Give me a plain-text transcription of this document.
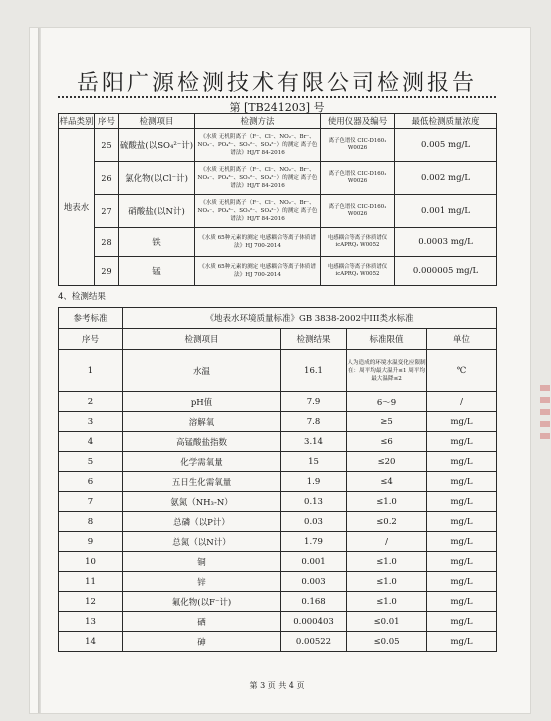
岳阳广源检测技术有限公司检测报告
第 [TB241203] 号
样品类别	序号	检测项目	检测方法	使用仪器及编号	最低检测质量浓度
地表水	25	硫酸盐(以SO₄²⁻计)	《水质 无机阴离子（F⁻、Cl⁻、NO₂⁻、Br⁻、NO₃⁻、PO₄³⁻、SO₃²⁻、SO₄²⁻）的测定 离子色谱法》HJ/T 84-2016	离子色谱仪 CIC-D160₁ W0026	0.005 mg/L
	26	氯化物(以Cl⁻计)	《水质 无机阴离子（F⁻、Cl⁻、NO₂⁻、Br⁻、NO₃⁻、PO₄³⁻、SO₃²⁻、SO₄²⁻）的测定 离子色谱法》HJ/T 84-2016	离子色谱仪 CIC-D160₁ W0026	0.002 mg/L
	27	硝酸盐(以N计)	《水质 无机阴离子（F⁻、Cl⁻、NO₂⁻、Br⁻、NO₃⁻、PO₄³⁻、SO₃²⁻、SO₄²⁻）的测定 离子色谱法》HJ/T 84-2016	离子色谱仪 CIC-D160₁ W0026	0.001 mg/L
	28	铁	《水质 65种元素的测定 电感耦合等离子体质谱法》HJ 700-2014	电感耦合等离子体质谱仪icAPRQ₁ W0052	0.0003 mg/L
	29	锰	《水质 65种元素的测定 电感耦合等离子体质谱法》HJ 700-2014	电感耦合等离子体质谱仪icAPRQ₁ W0052	0.000005 mg/L
4、检测结果
参考标准	《地表水环境质量标准》GB 3838-2002中III类水标准			
序号	检测项目	检测结果	标准限值	单位
1	水温	16.1	人为造成的环境水温变化应限制在：周平均最大温升≤1 周平均最大温降≤2	℃
2	pH值	7.9	6～9	/
3	溶解氧	7.8	≥5	mg/L
4	高锰酸盐指数	3.14	≤6	mg/L
5	化学需氧量	15	≤20	mg/L
6	五日生化需氧量	1.9	≤4	mg/L
7	氨氮（NH₃-N）	0.13	≤1.0	mg/L
8	总磷（以P计）	0.03	≤0.2	mg/L
9	总氮（以N计）	1.79	/	mg/L
10	铜	0.001	≤1.0	mg/L
11	锌	0.003	≤1.0	mg/L
12	氟化物(以F⁻计)	0.168	≤1.0	mg/L
13	硒	0.000403	≤0.01	mg/L
14	砷	0.00522	≤0.05	mg/L
第 3 页 共 4 页
